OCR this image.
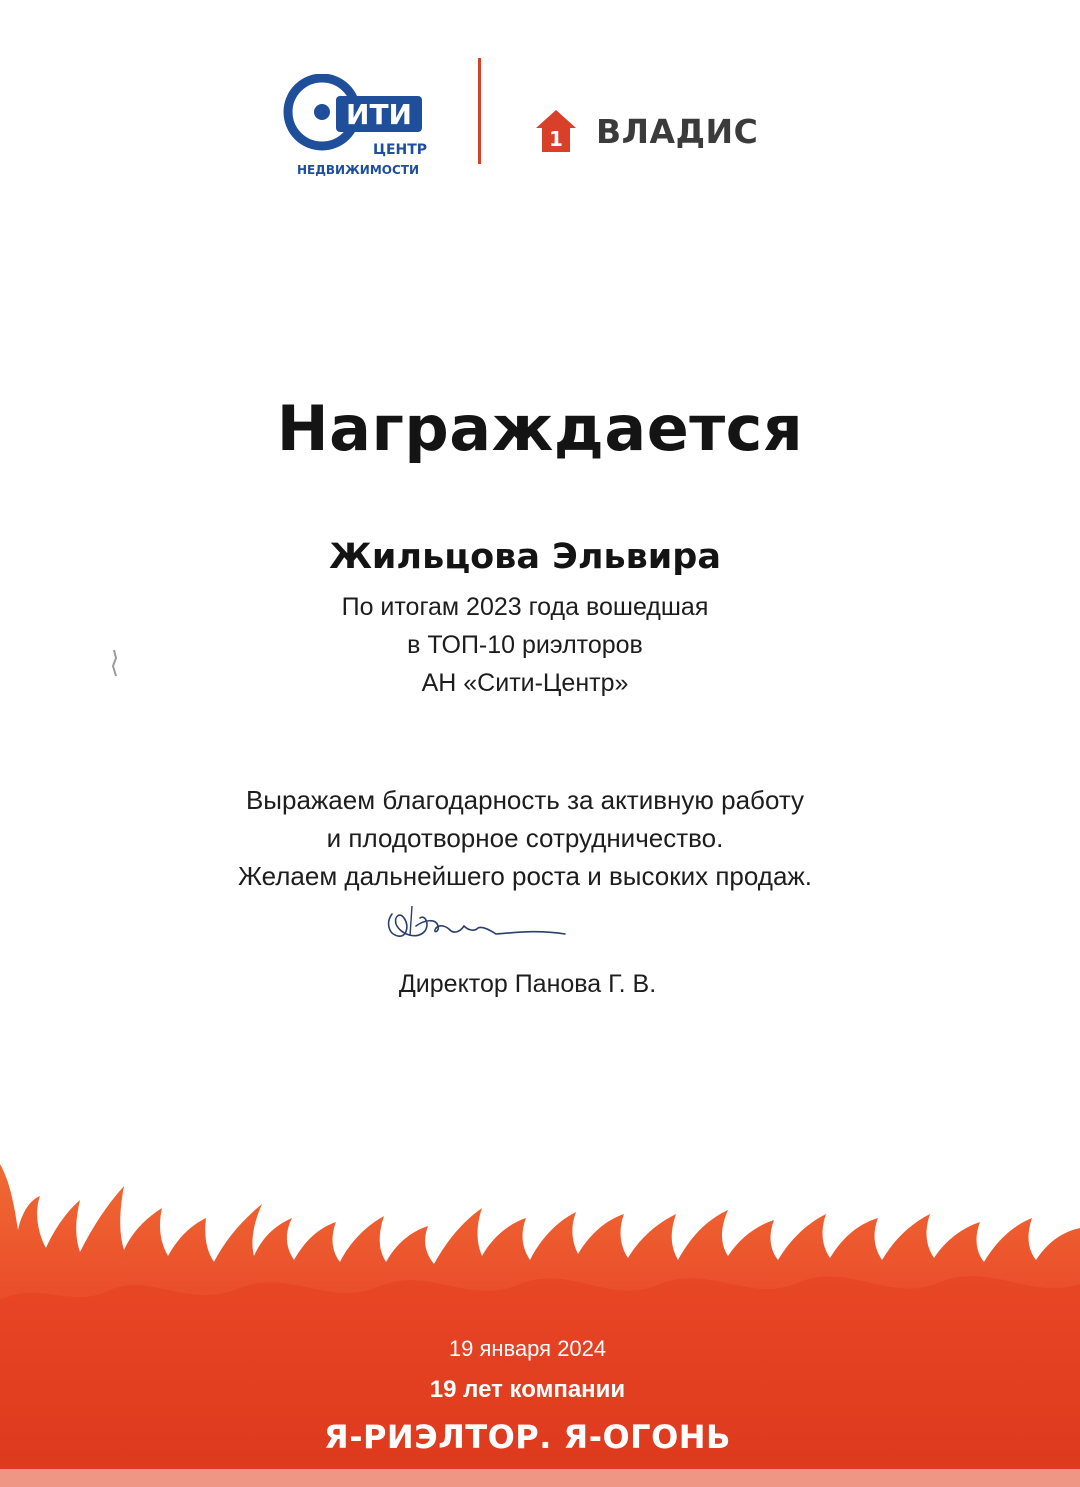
ИТИ
ЦЕНТР
НЕДВИЖИМОСТИ
1 ВЛАДИС
Награждается
Жильцова Эльвира
По итогам 2023 года вошедшая
в ТОП-10 риэлторов
АН «Сити-Центр»
Выражаем благодарность за активную работу
и плодотворное сотрудничество.
Желаем дальнейшего роста и высоких продаж.
Директор Панова Г. В.
19 января 2024
19 лет компании
Я-РИЭЛТОР. Я-ОГОНЬ
